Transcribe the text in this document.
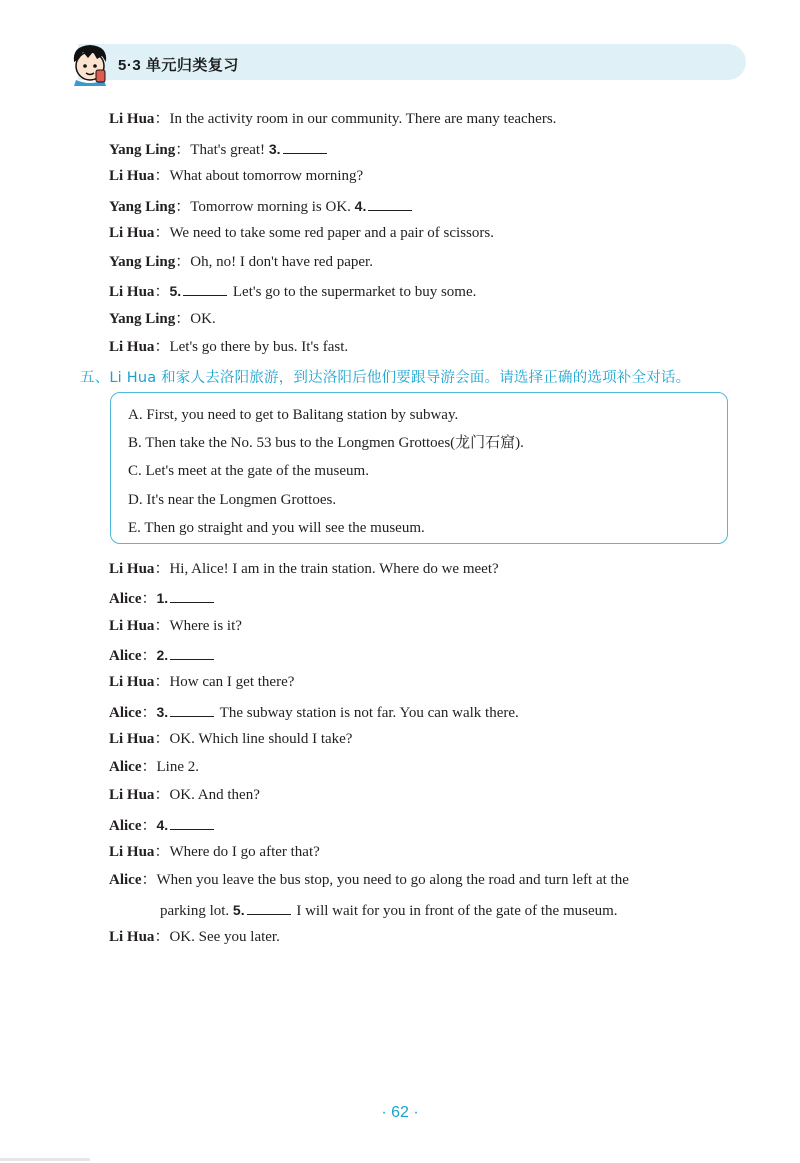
5·3 单元归类复习
Li Hua：In the activity room in our community. There are many teachers.
Yang Ling：That's great! 3.
Li Hua：What about tomorrow morning?
Yang Ling：Tomorrow morning is OK. 4.
Li Hua：We need to take some red paper and a pair of scissors.
Yang Ling：Oh, no! I don't have red paper.
Li Hua：5.	Let's go to the supermarket to buy some.
Yang Ling：OK.
Li Hua：Let's go there by bus. It's fast.
五、Li Hua 和家人去洛阳旅游，到达洛阳后他们要跟导游会面。请选择正确的选项补全对话。
A. First, you need to get to Balitang station by subway.
B. Then take the No. 53 bus to the Longmen Grottoes(龙门石窟).
C. Let's meet at the gate of the museum.
D. It's near the Longmen Grottoes.
E. Then go straight and you will see the museum.
Li Hua：Hi, Alice! I am in the train station. Where do we meet?
Alice：1.
Li Hua：Where is it?
Alice：2.
Li Hua：How can I get there?
Alice：3.	The subway station is not far. You can walk there.
Li Hua：OK. Which line should I take?
Alice：Line 2.
Li Hua：OK. And then?
Alice：4.
Li Hua：Where do I go after that?
Alice：When you leave the bus stop, you need to go along the road and turn left at the
parking lot. 5.	I will wait for you in front of the gate of the museum.
Li Hua：OK. See you later.
· 62 ·
